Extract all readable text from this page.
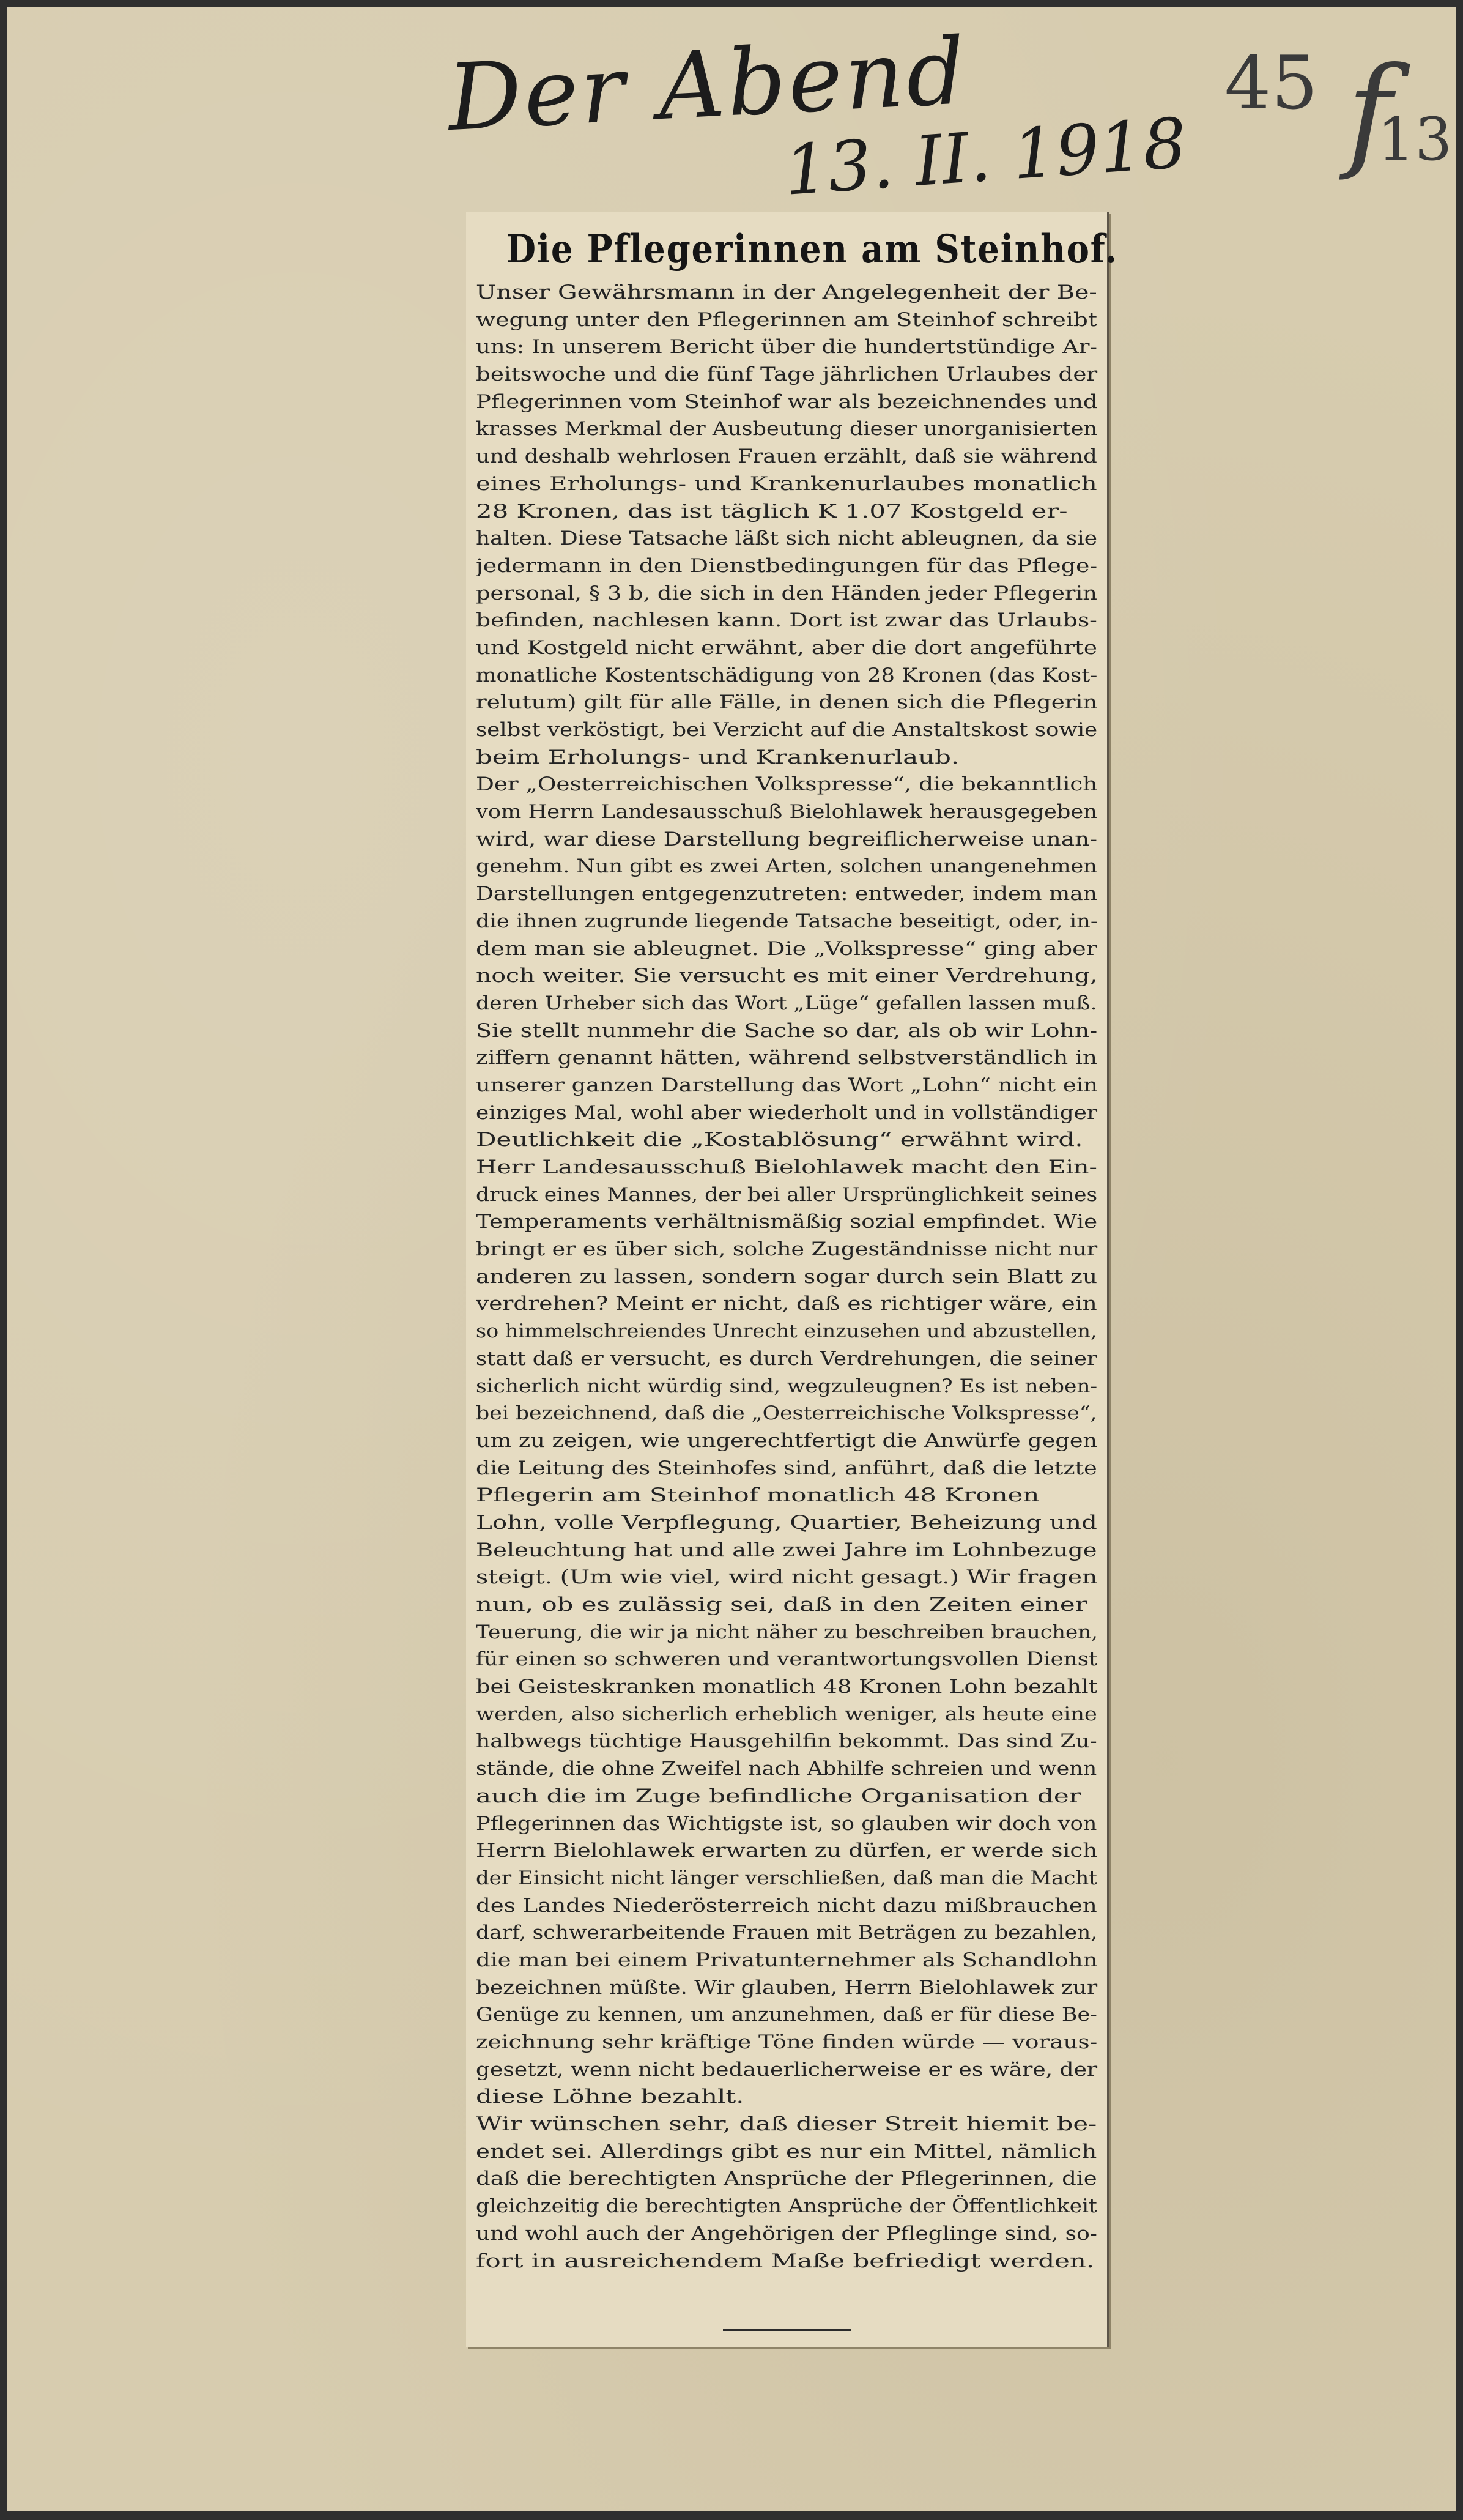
Der Abend
13. II. 1918
45 f
13
Die Pflegerinnen am Steinhof.
Unser Gewährsmann in der Angelegenheit der Be-
wegung unter den Pflegerinnen am Steinhof schreibt
uns: In unserem Bericht über die hundertstündige Ar-
beitswoche und die fünf Tage jährlichen Urlaubes der
Pflegerinnen vom Steinhof war als bezeichnendes und
krasses Merkmal der Ausbeutung dieser unorganisierten
und deshalb wehrlosen Frauen erzählt, daß sie während
eines Erholungs- und Krankenurlaubes monatlich
28 Kronen, das ist täglich K 1.07 Kostgeld er-
halten. Diese Tatsache läßt sich nicht ableugnen, da sie
jedermann in den Dienstbedingungen für das Pflege-
personal, § 3 b, die sich in den Händen jeder Pflegerin
befinden, nachlesen kann. Dort ist zwar das Urlaubs-
und Kostgeld nicht erwähnt, aber die dort angeführte
monatliche Kostentschädigung von 28 Kronen (das Kost-
relutum) gilt für alle Fälle, in denen sich die Pflegerin
selbst verköstigt, bei Verzicht auf die Anstaltskost sowie
beim Erholungs- und Krankenurlaub.
Der „Oesterreichischen Volkspresse“, die bekanntlich
vom Herrn Landesausschuß Bielohlawek herausgegeben
wird, war diese Darstellung begreiflicherweise unan-
genehm. Nun gibt es zwei Arten, solchen unangenehmen
Darstellungen entgegenzutreten: entweder, indem man
die ihnen zugrunde liegende Tatsache beseitigt, oder, in-
dem man sie ableugnet. Die „Volkspresse“ ging aber
noch weiter. Sie versucht es mit einer Verdrehung,
deren Urheber sich das Wort „Lüge“ gefallen lassen muß.
Sie stellt nunmehr die Sache so dar, als ob wir Lohn-
ziffern genannt hätten, während selbstverständlich in
unserer ganzen Darstellung das Wort „Lohn“ nicht ein
einziges Mal, wohl aber wiederholt und in vollständiger
Deutlichkeit die „Kostablösung“ erwähnt wird.
Herr Landesausschuß Bielohlawek macht den Ein-
druck eines Mannes, der bei aller Ursprünglichkeit seines
Temperaments verhältnismäßig sozial empfindet. Wie
bringt er es über sich, solche Zugeständnisse nicht nur
anderen zu lassen, sondern sogar durch sein Blatt zu
verdrehen? Meint er nicht, daß es richtiger wäre, ein
so himmelschreiendes Unrecht einzusehen und abzustellen,
statt daß er versucht, es durch Verdrehungen, die seiner
sicherlich nicht würdig sind, wegzuleugnen? Es ist neben-
bei bezeichnend, daß die „Oesterreichische Volkspresse“,
um zu zeigen, wie ungerechtfertigt die Anwürfe gegen
die Leitung des Steinhofes sind, anführt, daß die letzte
Pflegerin am Steinhof monatlich 48 Kronen
Lohn, volle Verpflegung, Quartier, Beheizung und
Beleuchtung hat und alle zwei Jahre im Lohnbezuge
steigt. (Um wie viel, wird nicht gesagt.) Wir fragen
nun, ob es zulässig sei, daß in den Zeiten einer
Teuerung, die wir ja nicht näher zu beschreiben brauchen,
für einen so schweren und verantwortungsvollen Dienst
bei Geisteskranken monatlich 48 Kronen Lohn bezahlt
werden, also sicherlich erheblich weniger, als heute eine
halbwegs tüchtige Hausgehilfin bekommt. Das sind Zu-
stände, die ohne Zweifel nach Abhilfe schreien und wenn
auch die im Zuge befindliche Organisation der
Pflegerinnen das Wichtigste ist, so glauben wir doch von
Herrn Bielohlawek erwarten zu dürfen, er werde sich
der Einsicht nicht länger verschließen, daß man die Macht
des Landes Niederösterreich nicht dazu mißbrauchen
darf, schwerarbeitende Frauen mit Beträgen zu bezahlen,
die man bei einem Privatunternehmer als Schandlohn
bezeichnen müßte. Wir glauben, Herrn Bielohlawek zur
Genüge zu kennen, um anzunehmen, daß er für diese Be-
zeichnung sehr kräftige Töne finden würde — voraus-
gesetzt, wenn nicht bedauerlicherweise er es wäre, der
diese Löhne bezahlt.
Wir wünschen sehr, daß dieser Streit hiemit be-
endet sei. Allerdings gibt es nur ein Mittel, nämlich
daß die berechtigten Ansprüche der Pflegerinnen, die
gleichzeitig die berechtigten Ansprüche der Öffentlichkeit
und wohl auch der Angehörigen der Pfleglinge sind, so-
fort in ausreichendem Maße befriedigt werden.
